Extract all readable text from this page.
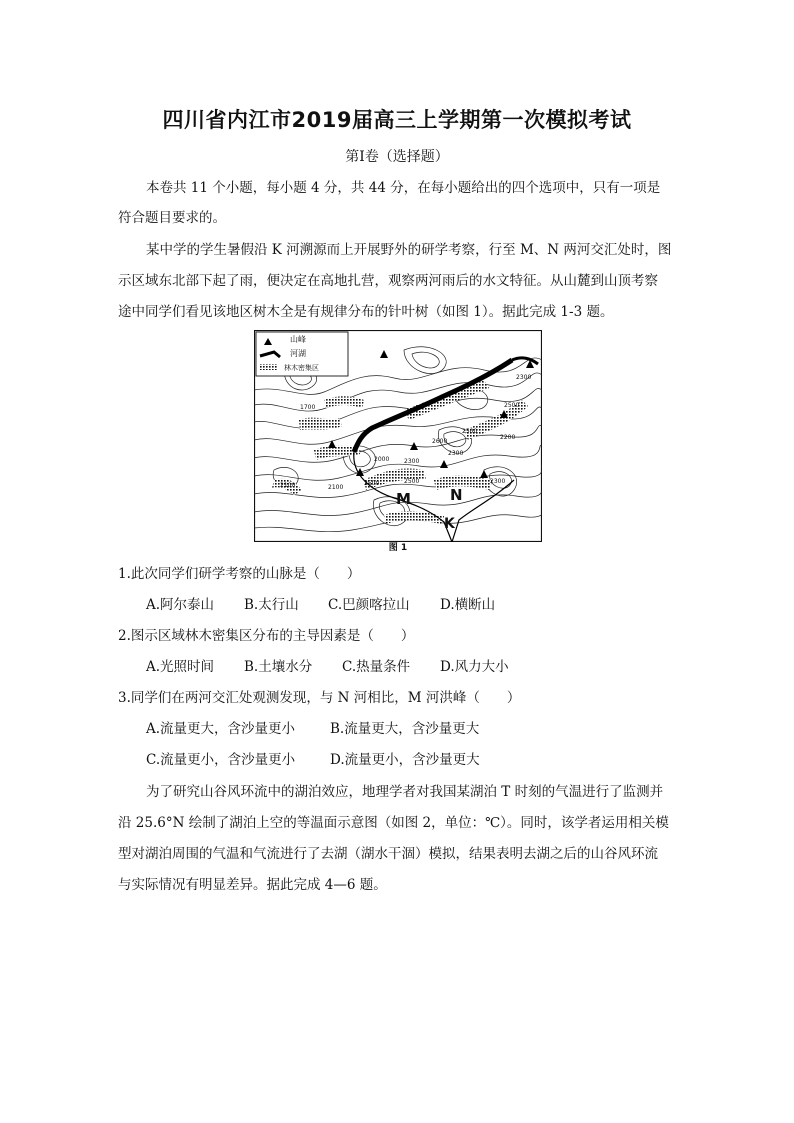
四川省内江市2019届高三上学期第一次模拟考试
第Ⅰ卷（选择题）

本卷共 11 个小题，每小题 4 分，共 44 分，在每小题给出的四个选项中，只有一项是

符合题目要求的。

某中学的学生暑假沿 K 河溯源而上开展野外的研学考察，行至 M、N 两河交汇处时，图

示区域东北部下起了雨，便决定在高地扎营，观察两河雨后的水文特征。从山麓到山顶考察

途中同学们看见该地区树木全是有规律分布的针叶树（如图 1）。据此完成 1-3 题。

山峰
河湖
林木密集区
1700
2100	2500
2300
2600
2500
2300
2200
2000
2100
2500
2300
2300
2500
M	N
K
图 1

1.此次同学们研学考察的山脉是（　　）

A.阿尔泰山 B.太行山 C.巴颜喀拉山 D.横断山

2.图示区域林木密集区分布的主导因素是（　　）

A.光照时间 B.土壤水分 C.热量条件 D.风力大小

3.同学们在两河交汇处观测发现，与 N 河相比，M 河洪峰（　　）

A.流量更大，含沙量更小	B.流量更大，含沙量更大
C.流量更小，含沙量更小	D.流量更小，含沙量更大

为了研究山谷风环流中的湖泊效应，地理学者对我国某湖泊 T 时刻的气温进行了监测并

沿 25.6°N 绘制了湖泊上空的等温面示意图（如图 2，单位：℃）。同时，该学者运用相关模

型对湖泊周围的气温和气流进行了去湖（湖水干涸）模拟，结果表明去湖之后的山谷风环流

与实际情况有明显差异。据此完成 4—6 题。
